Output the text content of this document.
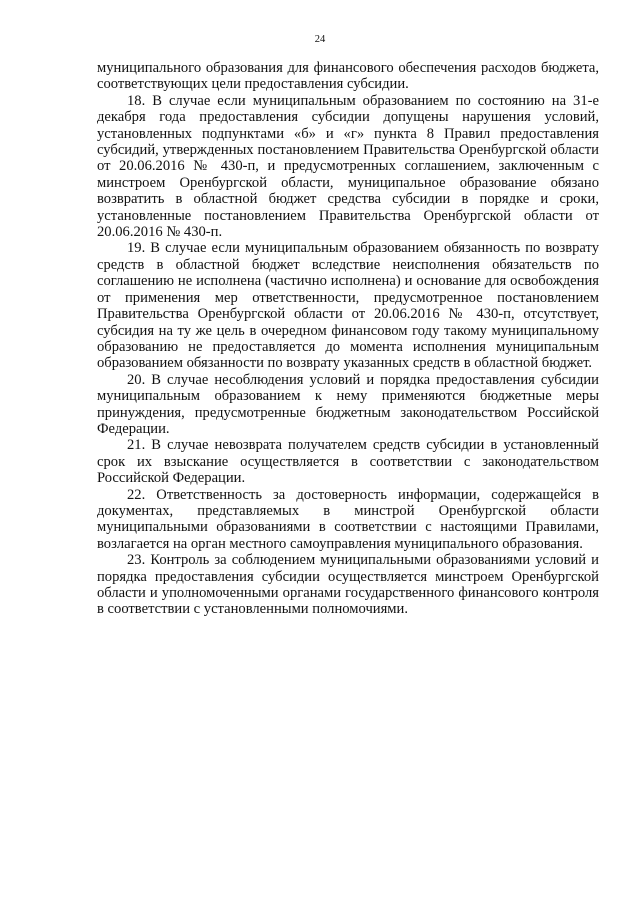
24

муниципального образования для финансового обеспечения расходов бюджета, соответствующих цели предоставления субсидии.

18. В случае если муниципальным образованием по состоянию на 31-е декабря года предоставления субсидии допущены нарушения условий, установленных подпунктами «б» и «г» пункта 8 Правил предоставления субсидий, утвержденных постановлением Правительства Оренбургской области от 20.06.2016 № 430-п, и предусмотренных соглашением, заключенным с минстроем Оренбургской области, муниципальное образование обязано возвратить в областной бюджет средства субсидии в порядке и сроки, установленные постановлением Правительства Оренбургской области от 20.06.2016 № 430-п.

19. В случае если муниципальным образованием обязанность по возврату средств в областной бюджет вследствие неисполнения обязательств по соглашению не исполнена (частично исполнена) и основание для освобождения от применения мер ответственности, предусмотренное постановлением Правительства Оренбургской области от 20.06.2016 № 430-п, отсутствует, субсидия на ту же цель в очередном финансовом году такому муниципальному образованию не предоставляется до момента исполнения муниципальным образованием обязанности по возврату указанных средств в областной бюджет.

20. В случае несоблюдения условий и порядка предоставления субсидии муниципальным образованием к нему применяются бюджетные меры принуждения, предусмотренные бюджетным законодательством Российской Федерации.

21. В случае невозврата получателем средств субсидии в установленный срок их взыскание осуществляется в соответствии с законодательством Российской Федерации.

22. Ответственность за достоверность информации, содержащейся в документах, представляемых в минстрой Оренбургской области муниципальными образованиями в соответствии с настоящими Правилами, возлагается на орган местного самоуправления муниципального образования.

23. Контроль за соблюдением муниципальными образованиями условий и порядка предоставления субсидии осуществляется минстроем Оренбургской области и уполномоченными органами государственного финансового контроля в соответствии с установленными полномочиями.
